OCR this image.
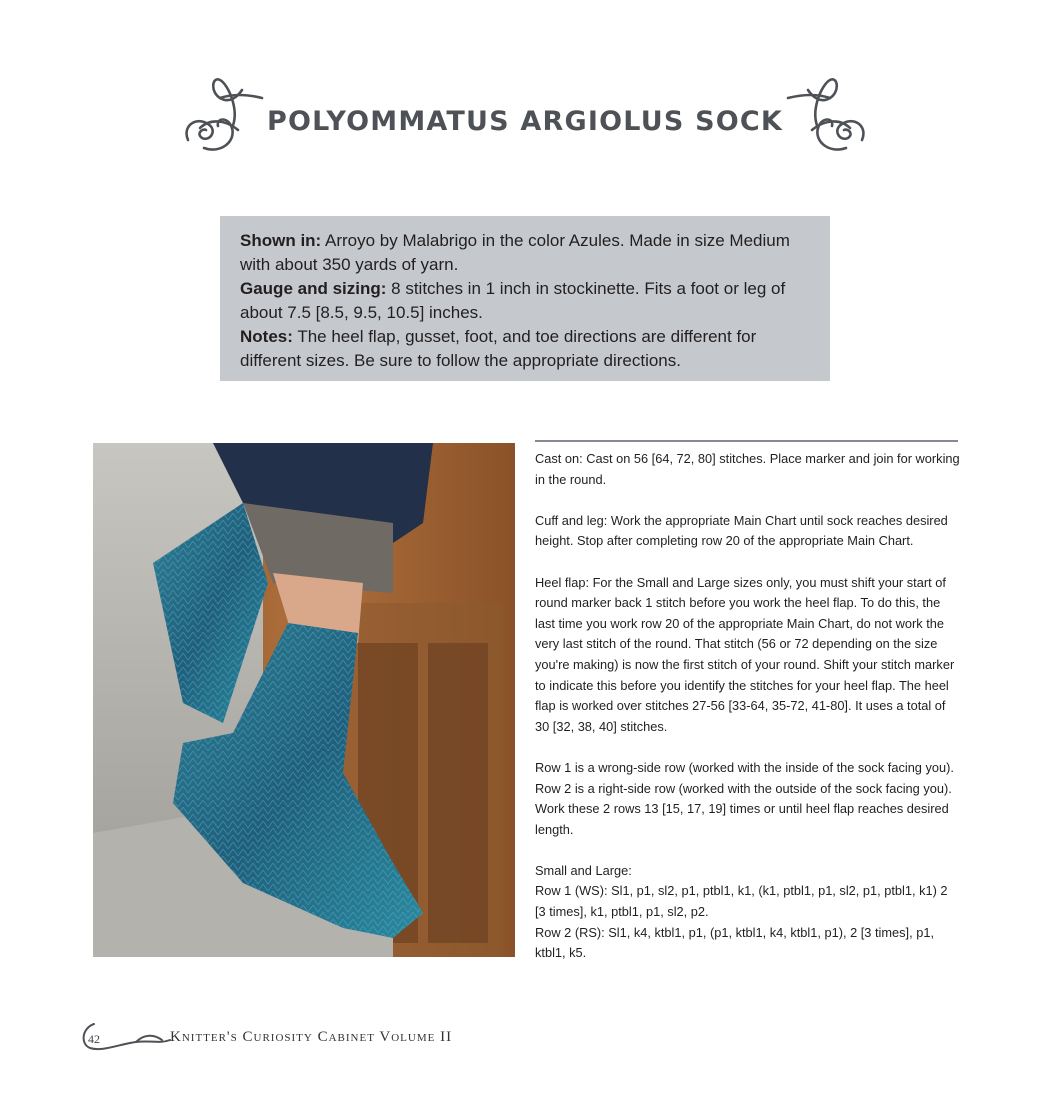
POLYOMMATUS ARGIOLUS SOCK

Shown in: Arroyo by Malabrigo in the color Azules. Made in size Medium with about 350 yards of yarn.

Gauge and sizing: 8 stitches in 1 inch in stockinette. Fits a foot or leg of about 7.5 [8.5, 9.5, 10.5] inches.

Notes: The heel flap, gusset, foot, and toe directions are different for different sizes. Be sure to follow the appropriate directions.

Cast on: Cast on 56 [64, 72, 80] stitches. Place marker and join for working in the round.

Cuff and leg: Work the appropriate Main Chart until sock reaches desired height. Stop after completing row 20 of the appropriate Main Chart.

Heel flap: For the Small and Large sizes only, you must shift your start of round marker back 1 stitch before you work the heel flap. To do this, the last time you work row 20 of the appropriate Main Chart, do not work the very last stitch of the round. That stitch (56 or 72 depending on the size you're making) is now the first stitch of your round. Shift your stitch marker to indicate this before you identify the stitches for your heel flap. The heel flap is worked over stitches 27-56 [33-64, 35-72, 41-80]. It uses a total of 30 [32, 38, 40] stitches.

Row 1 is a wrong-side row (worked with the inside of the sock facing you). Row 2 is a right-side row (worked with the outside of the sock facing you). Work these 2 rows 13 [15, 17, 19] times or until heel flap reaches desired length.

Small and Large:

Row 1 (WS): Sl1, p1, sl2, p1, ptbl1, k1, (k1, ptbl1, p1, sl2, p1, ptbl1, k1) 2 [3 times], k1, ptbl1, p1, sl2, p2.

Row 2 (RS): Sl1, k4, ktbl1, p1, (p1, ktbl1, k4, ktbl1, p1), 2 [3 times], p1, ktbl1, k5.

42	Knitter's Curiosity Cabinet Volume II
